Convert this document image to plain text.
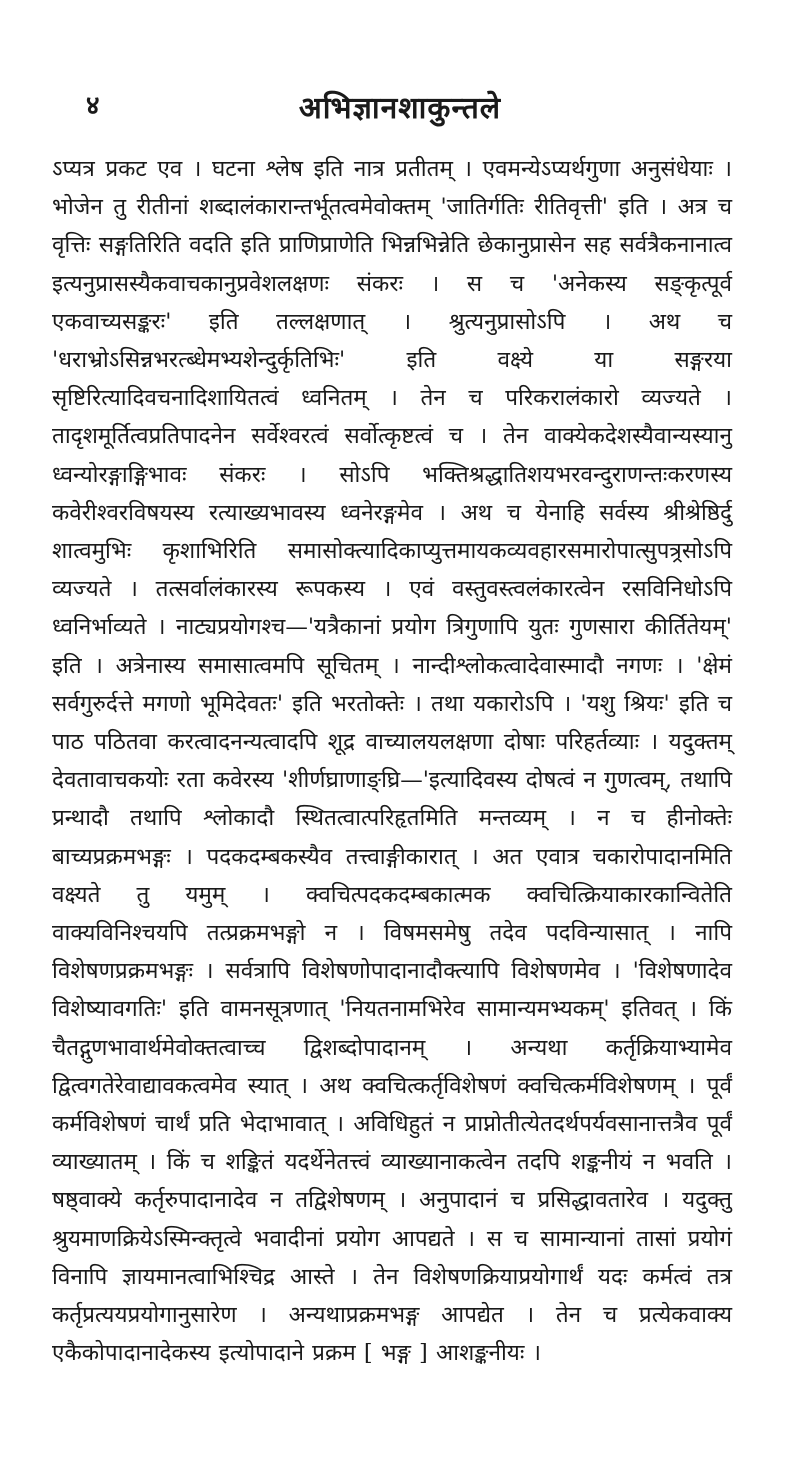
४	अभिज्ञानशाकुन्तले

ऽप्यत्र प्रकट एव । घटना श्लेष इति नात्र प्रतीतम् । एवमन्येऽप्यर्थगुणा अनुसंधेयाः । भोजेन तु रीतीनां शब्दालंकारान्तर्भूतत्वमेवोक्तम् 'जातिर्गतिः रीतिवृत्ती' इति । अत्र च वृत्तिः सङ्गतिरिति वदति इति प्राणिप्राणेति भिन्नभिन्नेति छेकानुप्रासेन सह सर्वत्रैकनानात्व इत्यनुप्रासस्यैकवाचकानुप्रवेशलक्षणः संकरः । स च 'अनेकस्य सङ्कृत्पूर्व एकवाच्यसङ्करः' इति तल्लक्षणात् । श्रुत्यनुप्रासोऽपि । अथ च 'धराभ्रोऽसिन्नभरत्ब्धेमभ्यशेन्दुर्कृतिभिः' इति वक्ष्ये या सङ्गरया सृष्टिरित्यादिवचनादिशायितत्वं ध्वनितम् । तेन च परिकरालंकारो व्यज्यते । तादृशमूर्तित्वप्रतिपादनेन सर्वेश्वरत्वं सर्वोत्कृष्टत्वं च । तेन वाक्येकदेशस्यैवान्यस्यानु ध्वन्योरङ्गाङ्गिभावः संकरः । सोऽपि भक्तिश्रद्धातिशयभरवन्दुराणन्तःकरणस्य कवेरीश्वरविषयस्य रत्याख्यभावस्य ध्वनेरङ्गमेव । अथ च येनाहि सर्वस्य श्रीश्रेष्ठिर्दु शात्वमुभिः कृशाभिरिति समासोक्त्यादिकाप्युत्तमायकव्यवहारसमारोपात्सुपत्र्रसोऽपि व्यज्यते । तत्सर्वालंकारस्य रूपकस्य । एवं वस्तुवस्त्वलंकारत्वेन रसविनिधोऽपि ध्वनिर्भाव्यते । नाट्यप्रयोगश्च—'यत्रैकानां प्रयोग त्रिगुणापि युतः गुणसारा कीर्तितेयम्' इति । अत्रेनास्य समासात्वमपि सूचितम् । नान्दीश्लोकत्वादेवास्मादौ नगणः । 'क्षेमं सर्वगुरुर्दत्ते मगणो भूमिदेवतः' इति भरतोक्तेः । तथा यकारोऽपि । 'यशु श्रियः' इति च पाठ पठितवा करत्वादनन्यत्वादपि शूद्र वाच्यालयलक्षणा दोषाः परिहर्तव्याः । यदुक्तम् देवतावाचकयोः रता कवेरस्य 'शीर्णघ्राणाङ्घ्रि—'इत्यादिवस्य दोषत्वं न गुणत्वम्, तथापि प्रन्थादौ तथापि श्लोकादौ स्थितत्वात्परिहृतमिति मन्तव्यम् । न च हीनोक्तेः बाच्यप्रक्रमभङ्गः । पदकदम्बकस्यैव तत्त्वाङ्गीकारात् । अत एवात्र चकारोपादानमिति वक्ष्यते तु यमुम् । क्वचित्पदकदम्बकात्मक क्वचित्क्रियाकारकान्वितेति वाक्यविनिश्चयपि तत्प्रक्रमभङ्गो न । विषमसमेषु तदेव पदविन्यासात् । नापि विशेषणप्रक्रमभङ्गः । सर्वत्रापि विशेषणोपादानादौक्त्यापि विशेषणमेव । 'विशेषणादेव विशेष्यावगतिः' इति वामनसूत्रणात् 'नियतनामभिरेव सामान्यमभ्यकम्' इतिवत् । किं चैतद्गुणभावार्थमेवोक्तत्वाच्च द्विशब्दोपादानम् । अन्यथा कर्तृक्रियाभ्यामेव द्वित्वगतेरेवाद्यावकत्वमेव स्यात् । अथ क्वचित्कर्तृविशेषणं क्वचित्कर्मविशेषणम् । पूर्वं कर्मविशेषणं चार्थं प्रति भेदाभावात् । अविधिहुतं न प्राप्नोतीत्येतदर्थपर्यवसानात्तत्रैव पूर्वं व्याख्यातम् । किं च शङ्कितं यदर्थेनेतत्त्वं व्याख्यानाकत्वेन तदपि शङ्कनीयं न भवति । षष्ठ्वाक्ये कर्तृरुपादानादेव न तद्विशेषणम् । अनुपादानं च प्रसिद्धावतारेव । यदुक्तु श्रुयमाणक्रियेऽस्मिन्क्तृत्वे भवादीनां प्रयोग आपद्यते । स च सामान्यानां तासां प्रयोगं विनापि ज्ञायमानत्वाभिश्चिद्र आस्ते । तेन विशेषणक्रियाप्रयोगार्थं यदः कर्मत्वं तत्र कर्तृप्रत्ययप्रयोगानुसारेण । अन्यथाप्रक्रमभङ्ग आपद्येत । तेन च प्रत्येकवाक्य एकैकोपादानादेकस्य इत्योपादाने प्रक्रम [ भङ्ग ] आशङ्कनीयः ।
